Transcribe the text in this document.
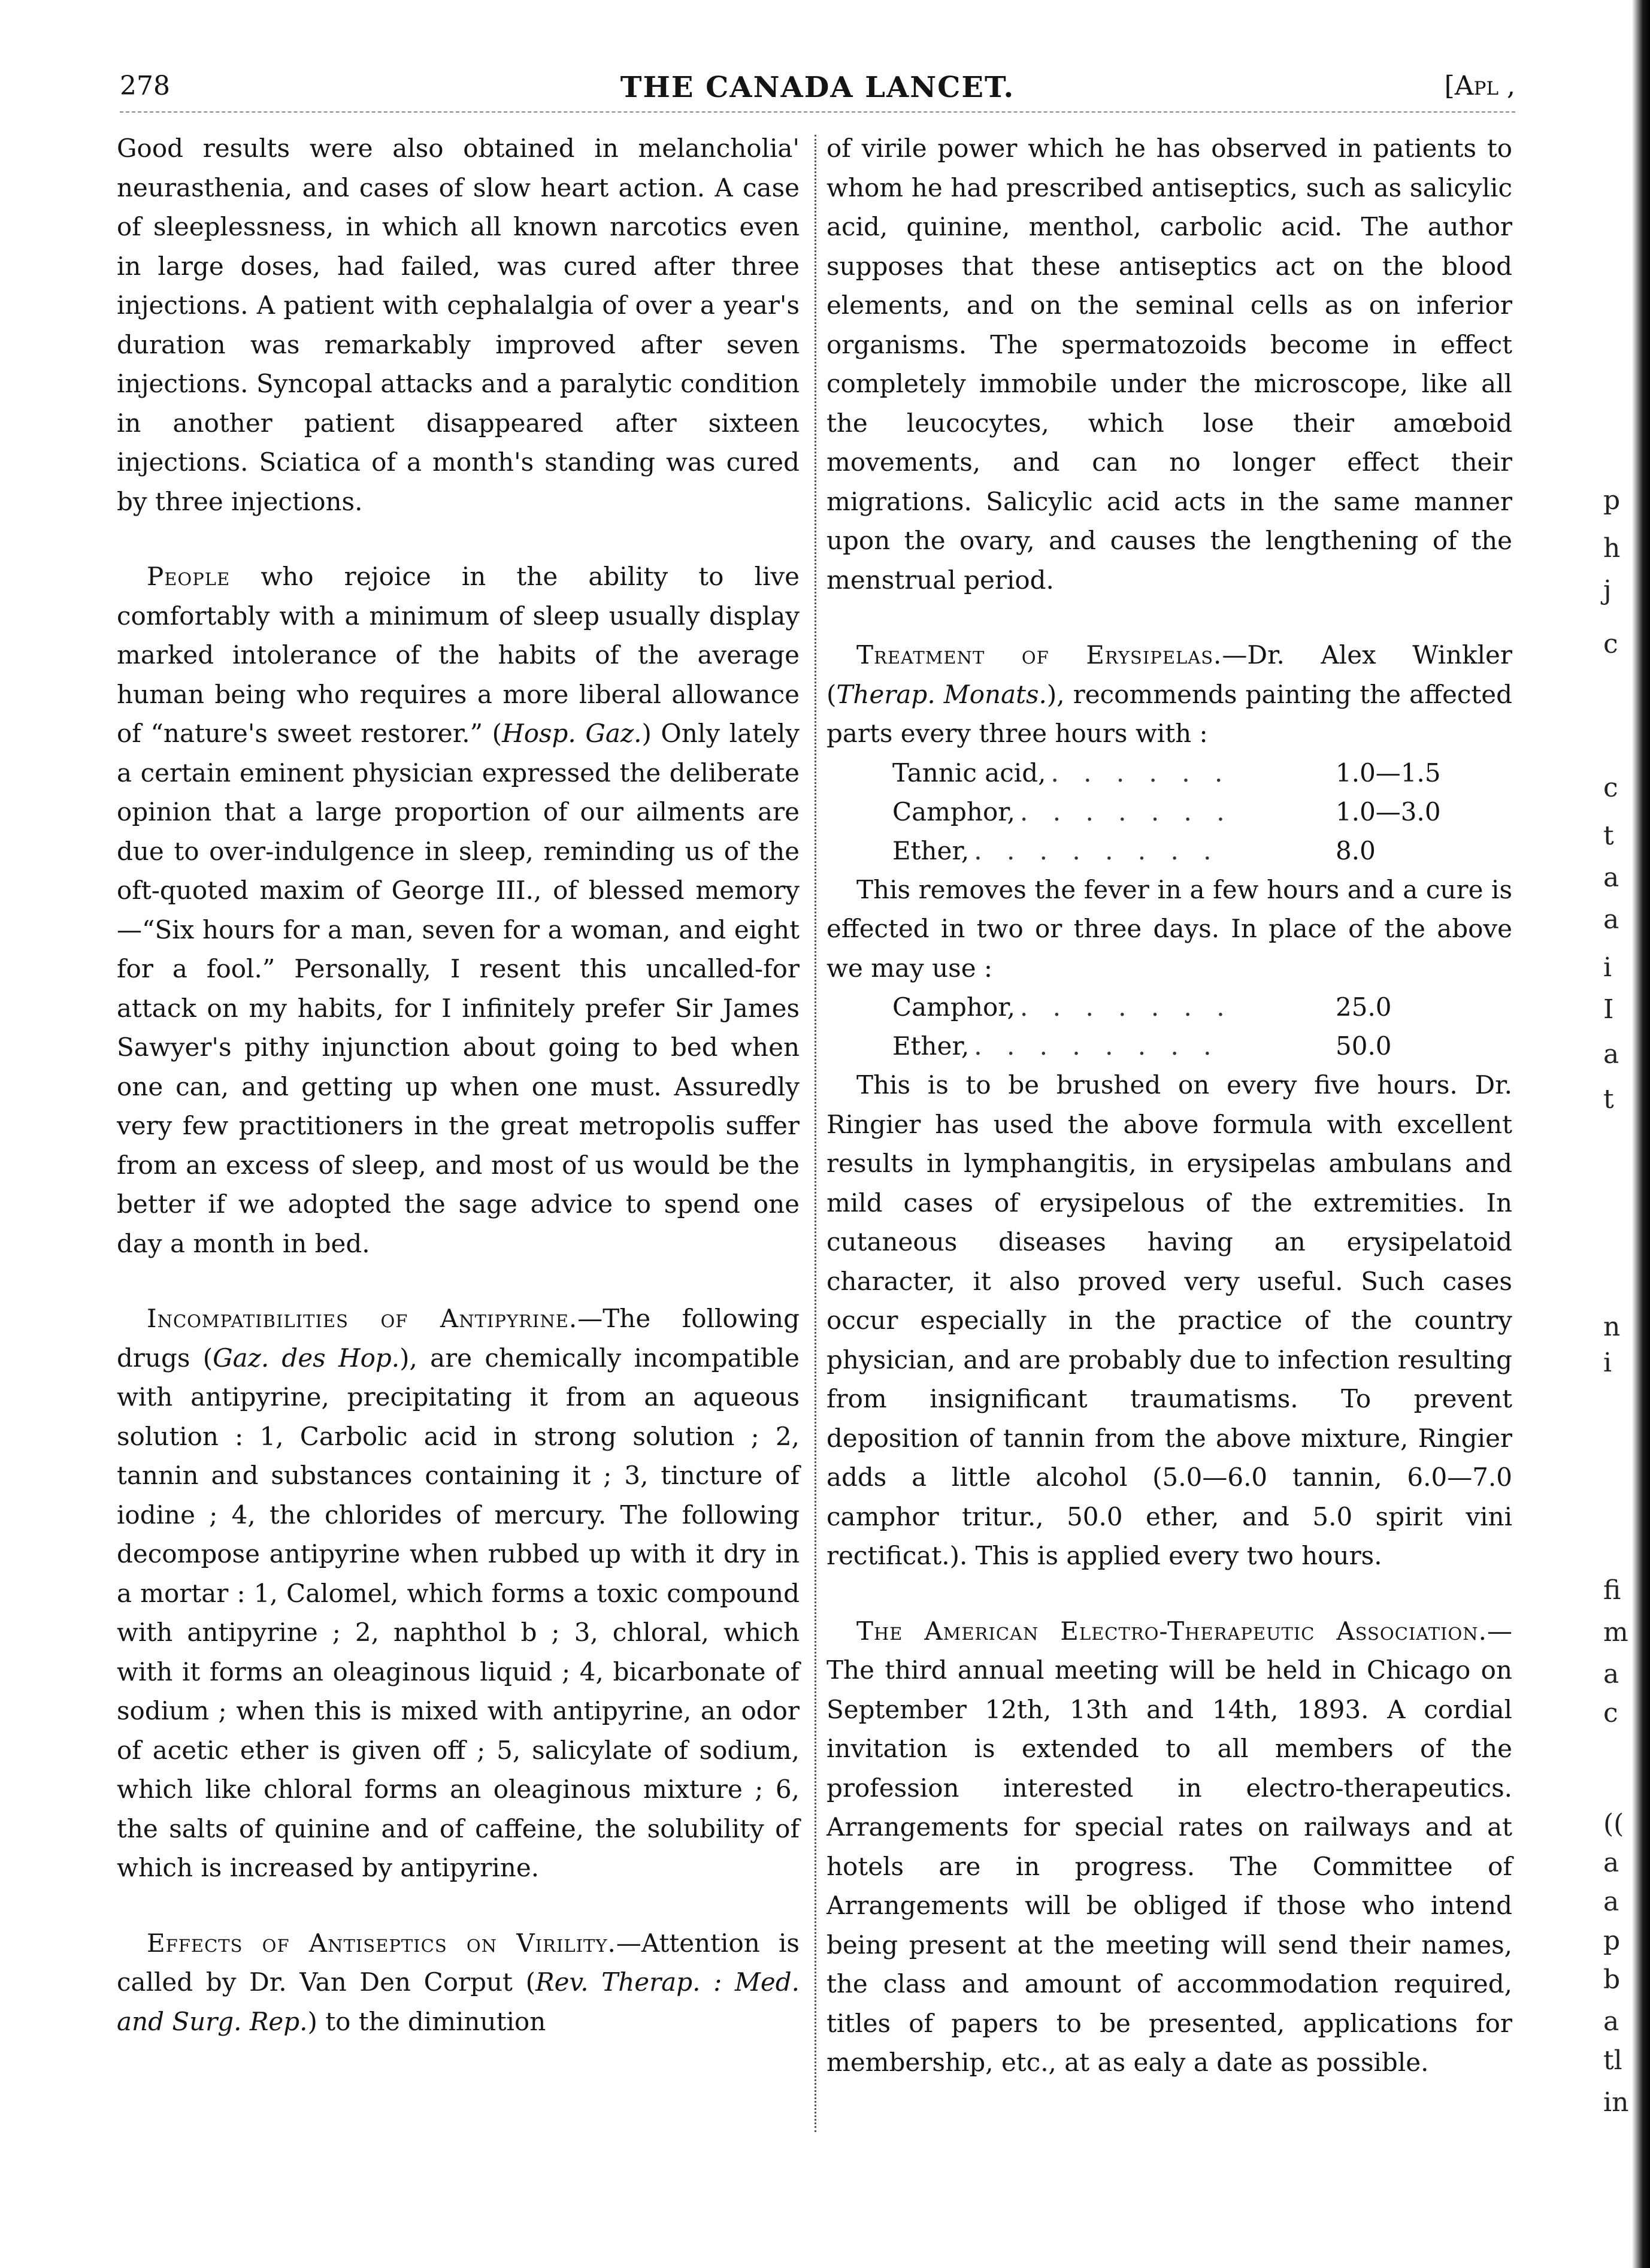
278	THE CANADA LANCET.	[Apl ,

Good results were also obtained in melancholia' neurasthenia, and cases of slow heart action. A case of sleeplessness, in which all known narcotics even in large doses, had failed, was cured after three injections. A patient with cephalalgia of over a year's duration was remarkably improved after seven injections. Syncopal attacks and a paralytic condition in another patient disappeared after sixteen injections. Sciatica of a month's standing was cured by three injections.

People who rejoice in the ability to live comfortably with a minimum of sleep usually display marked intolerance of the habits of the average human being who requires a more liberal allowance of “nature's sweet restorer.” (Hosp. Gaz.) Only lately a certain eminent physician expressed the deliberate opinion that a large proportion of our ailments are due to over-indulgence in sleep, reminding us of the oft-quoted maxim of George III., of blessed memory—“Six hours for a man, seven for a woman, and eight for a fool.” Personally, I resent this uncalled-for attack on my habits, for I infinitely prefer Sir James Sawyer's pithy injunction about going to bed when one can, and getting up when one must. Assuredly very few practitioners in the great metropolis suffer from an excess of sleep, and most of us would be the better if we adopted the sage advice to spend one day a month in bed.

Incompatibilities of Antipyrine.—The following drugs (Gaz. des Hop.), are chemically incompatible with antipyrine, precipitating it from an aqueous solution : 1, Carbolic acid in strong solution ; 2, tannin and substances containing it ; 3, tincture of iodine ; 4, the chlorides of mercury. The following decompose antipyrine when rubbed up with it dry in a mortar : 1, Calomel, which forms a toxic compound with antipyrine ; 2, naphthol b ; 3, chloral, which with it forms an oleaginous liquid ; 4, bicarbonate of sodium ; when this is mixed with antipyrine, an odor of acetic ether is given off ; 5, salicylate of sodium, which like chloral forms an oleaginous mixture ; 6, the salts of quinine and of caffeine, the solubility of which is increased by antipyrine.

Effects of Antiseptics on Virility.—Attention is called by Dr. Van Den Corput (Rev. Therap. : Med. and Surg. Rep.) to the diminution

of virile power which he has observed in patients to whom he had prescribed antiseptics, such as salicylic acid, quinine, menthol, carbolic acid. The author supposes that these antiseptics act on the blood elements, and on the seminal cells as on inferior organisms. The spermatozoids become in effect completely immobile under the microscope, like all the leucocytes, which lose their amœboid movements, and can no longer effect their migrations. Salicylic acid acts in the same manner upon the ovary, and causes the lengthening of the menstrual period.

Treatment of Erysipelas.—Dr. Alex Winkler (Therap. Monats.), recommends painting the affected parts every three hours with :

Tannic acid, . . . . . .	1.0—1.5
Camphor, . . . . . . .	1.0—3.0
Ether, . . . . . . . .	8.0

This removes the fever in a few hours and a cure is effected in two or three days. In place of the above we may use :

Camphor, . . . . . . .	25.0
Ether, . . . . . . . .	50.0

This is to be brushed on every five hours. Dr. Ringier has used the above formula with excellent results in lymphangitis, in erysipelas ambulans and mild cases of erysipelous of the extremities. In cutaneous diseases having an erysipelatoid character, it also proved very useful. Such cases occur especially in the practice of the country physician, and are probably due to infection resulting from insignificant traumatisms. To prevent deposition of tannin from the above mixture, Ringier adds a little alcohol (5.0—6.0 tannin, 6.0—7.0 camphor tritur., 50.0 ether, and 5.0 spirit vini rectificat.). This is applied every two hours.

The American Electro-Therapeutic Association.—The third annual meeting will be held in Chicago on September 12th, 13th and 14th, 1893. A cordial invitation is extended to all members of the profession interested in electro-therapeutics. Arrangements for special rates on railways and at hotels are in progress. The Committee of Arrangements will be obliged if those who intend being present at the meeting will send their names, the class and amount of accommodation required, titles of papers to be presented, applications for membership, etc., at as ealy a date as possible.

p
h
j
c
c
t
a
a
i
I
a
t
n
i
fi
m
a
c
((
a
a
p
b
a
tl
in
